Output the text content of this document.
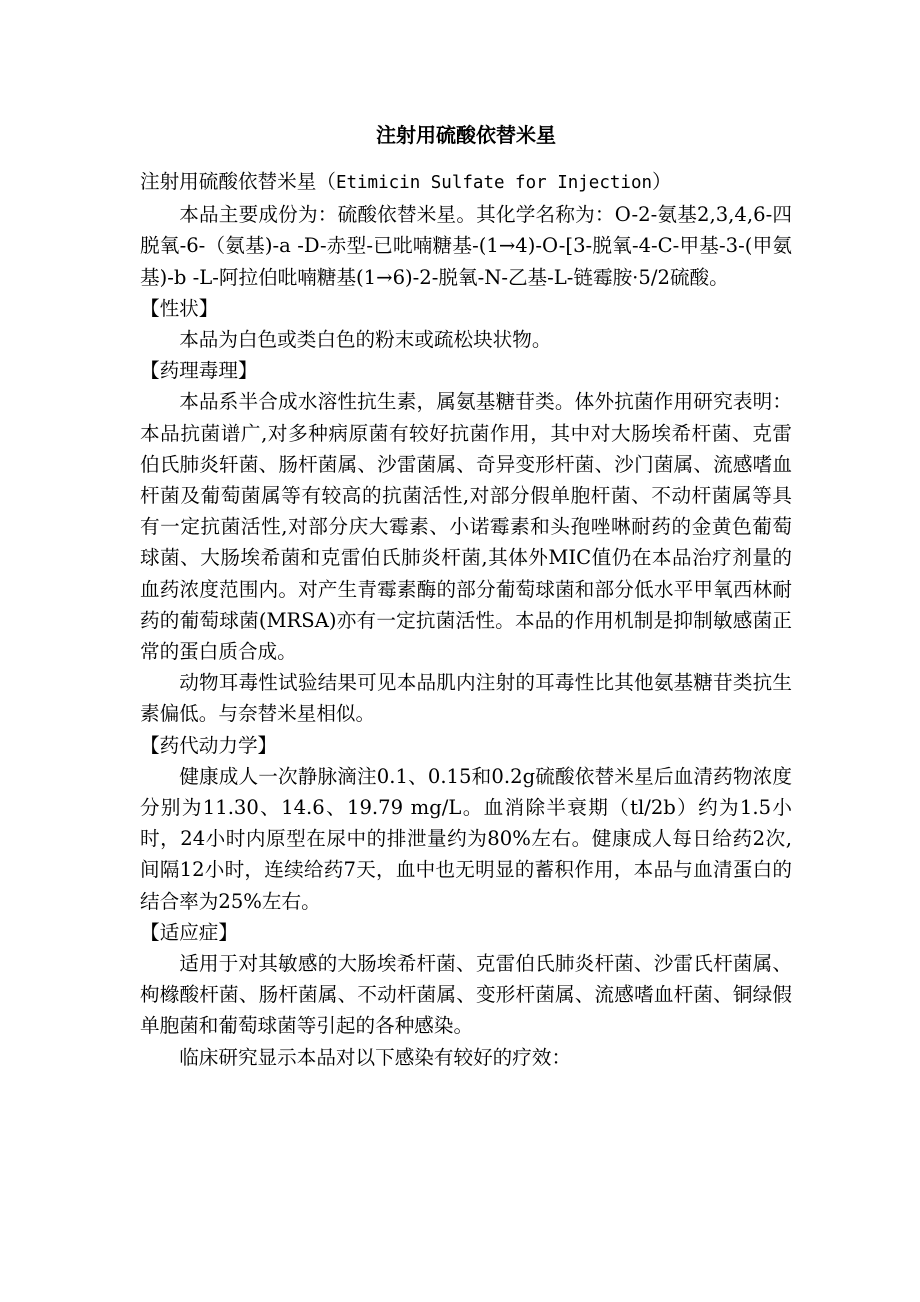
注射用硫酸依替米星

注射用硫酸依替米星（Etimicin Sulfate for Injection）

本品主要成份为：硫酸依替米星。其化学名称为：O-2-氨基2,3,4,6-四脱氧-6-（氨基)-a -D-赤型-已吡喃糖基-(1→4)-O-[3-脱氧-4-C-甲基-3-(甲氨基)-b -L-阿拉伯吡喃糖基(1→6)-2-脱氧-N-乙基-L-链霉胺·5/2硫酸。

【性状】

本品为白色或类白色的粉末或疏松块状物。

【药理毒理】

本品系半合成水溶性抗生素，属氨基糖苷类。体外抗菌作用研究表明：本品抗菌谱广,对多种病原菌有较好抗菌作用，其中对大肠埃希杆菌、克雷伯氏肺炎轩菌、肠杆菌属、沙雷菌属、奇异变形杆菌、沙门菌属、流感嗜血杆菌及葡萄菌属等有较高的抗菌活性,对部分假单胞杆菌、不动杆菌属等具有一定抗菌活性,对部分庆大霉素、小诺霉素和头孢唑啉耐药的金黄色葡萄球菌、大肠埃希菌和克雷伯氏肺炎杆菌,其体外MIC值仍在本品治疗剂量的血药浓度范围内。对产生青霉素酶的部分葡萄球菌和部分低水平甲氧西林耐药的葡萄球菌(MRSA)亦有一定抗菌活性。本品的作用机制是抑制敏感菌正常的蛋白质合成。

动物耳毒性试验结果可见本品肌内注射的耳毒性比其他氨基糖苷类抗生素偏低。与奈替米星相似。

【药代动力学】

健康成人一次静脉滴注0.1、0.15和0.2g硫酸依替米星后血清药物浓度分别为11.30、14.6、19.79 mg/L。血消除半衰期（tl/2b）约为1.5小时，24小时内原型在尿中的排泄量约为80%左右。健康成人每日给药2次,间隔12小时，连续给药7天，血中也无明显的蓄积作用，本品与血清蛋白的结合率为25%左右。

【适应症】

适用于对其敏感的大肠埃希杆菌、克雷伯氏肺炎杆菌、沙雷氏杆菌属、枸橼酸杆菌、肠杆菌属、不动杆菌属、变形杆菌属、流感嗜血杆菌、铜绿假单胞菌和葡萄球菌等引起的各种感染。

临床研究显示本品对以下感染有较好的疗效：
